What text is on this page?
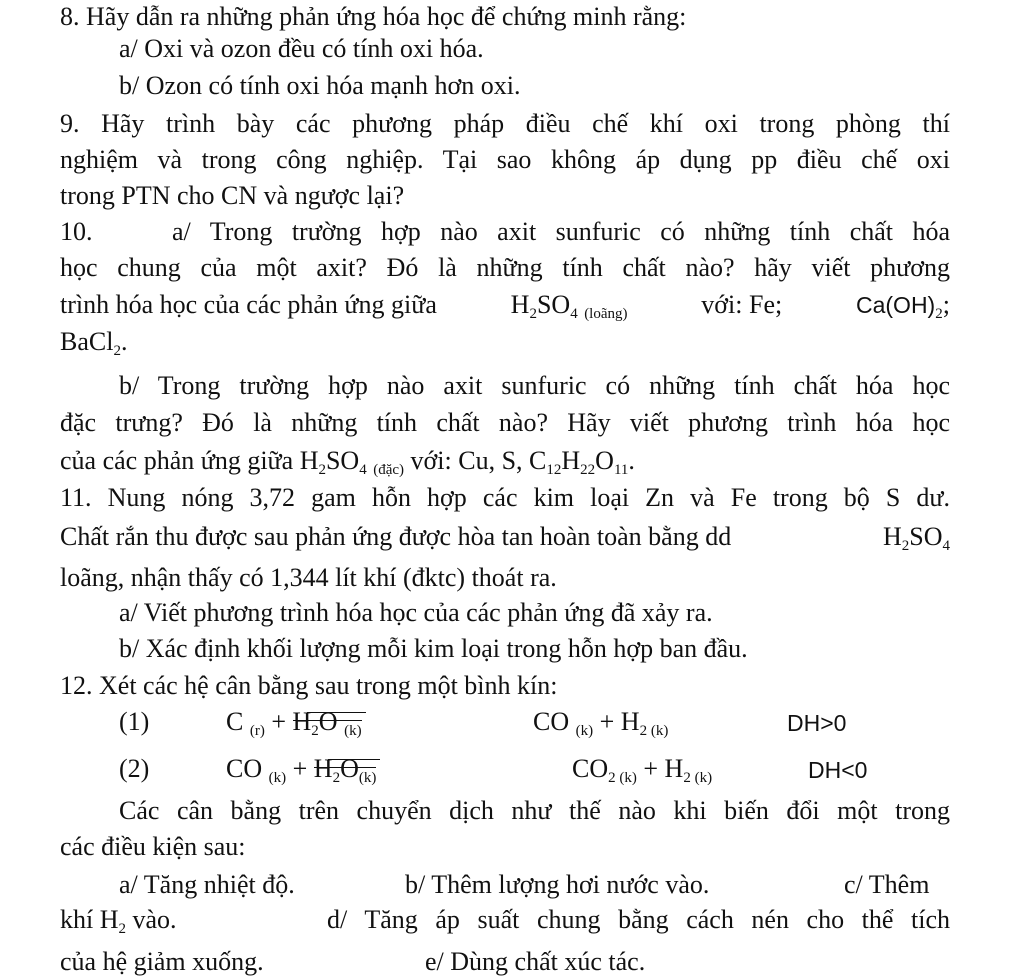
8. Hãy dẫn ra những phản ứng hóa học để chứng minh rằng:
a/ Oxi và ozon đều có tính oxi hóa.
b/ Ozon có tính oxi hóa mạnh hơn oxi.
9. Hãy trình bày các phương pháp điều chế khí oxi trong phòng thí
nghiệm và trong công nghiệp. Tại sao không áp dụng pp điều chế oxi
trong PTN cho CN và ngược lại?
10.	a/ Trong trường hợp nào axit sunfuric có những tính chất hóa
học chung của một axit? Đó là những tính chất nào? hãy viết phương
trình hóa học của các phản ứng giữa	$H_2SO_4$ $_{(loãng)}$	với: Fe;	$Ca(OH)_2$;
BaCl$_2$.
b/ Trong trường hợp nào axit sunfuric có những tính chất hóa học
đặc trưng? Đó là những tính chất nào? Hãy viết phương trình hóa học
của các phản ứng giữa $H_2SO_4$ $_{(đặc)}$ với: Cu, S, $C_{12}H_{22}O_{11}$.
11. Nung nóng 3,72 gam hỗn hợp các kim loại Zn và Fe trong bộ S dư.
Chất rắn thu được sau phản ứng được hòa tan hoàn toàn bằng dd	$H_2SO_4$
loãng, nhận thấy có 1,344 lít khí (đktc) thoát ra.
a/ Viết phương trình hóa học của các phản ứng đã xảy ra.
b/ Xác định khối lượng mỗi kim loại trong hỗn hợp ban đầu.
12. Xét các hệ cân bằng sau trong một bình kín:
(1)	C $_{(r)} + H_2O$ $_{(k)}$	CO $_{(k)} + H_{2 (k)}$	DH>0
(2)	CO $_{(k)} + H_2O_{(k)}$	$CO_{2 (k)} + H_{2 (k)}$	DH<0
Các cân bằng trên chuyển dịch như thế nào khi biến đổi một trong
các điều kiện sau:
a/ Tăng nhiệt độ.	b/ Thêm lượng hơi nước vào.	c/ Thêm
khí $H_2$ vào.	d/ Tăng áp suất chung bằng cách nén cho thể tích
của hệ giảm xuống.	e/ Dùng chất xúc tác.
